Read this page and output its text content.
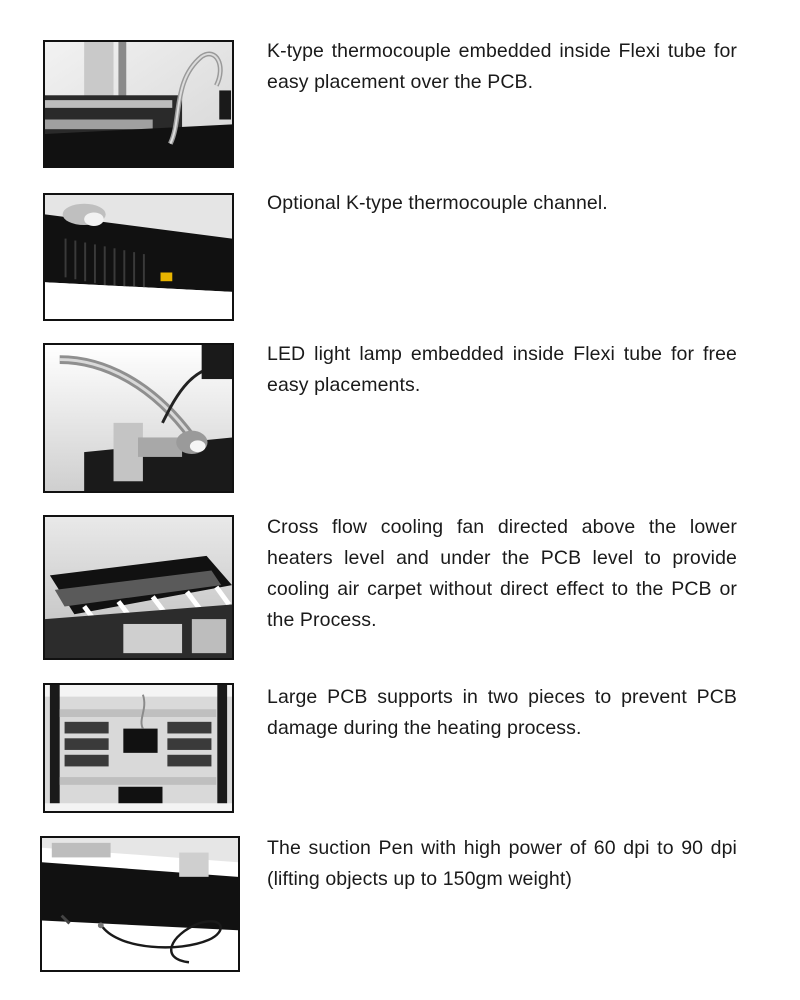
K-type thermocouple embedded inside Flexi tube for easy placement over the PCB.

Optional K-type thermocouple channel.

LED light lamp embedded inside Flexi tube for free easy placements.

Cross flow cooling fan directed above the lower heaters level and under the PCB level to provide cooling air carpet without direct effect to the PCB or the Process.

Large PCB supports in two pieces to prevent PCB damage during the heating process.

The suction Pen with high power of 60 dpi to 90 dpi (lifting objects up to 150gm weight)
